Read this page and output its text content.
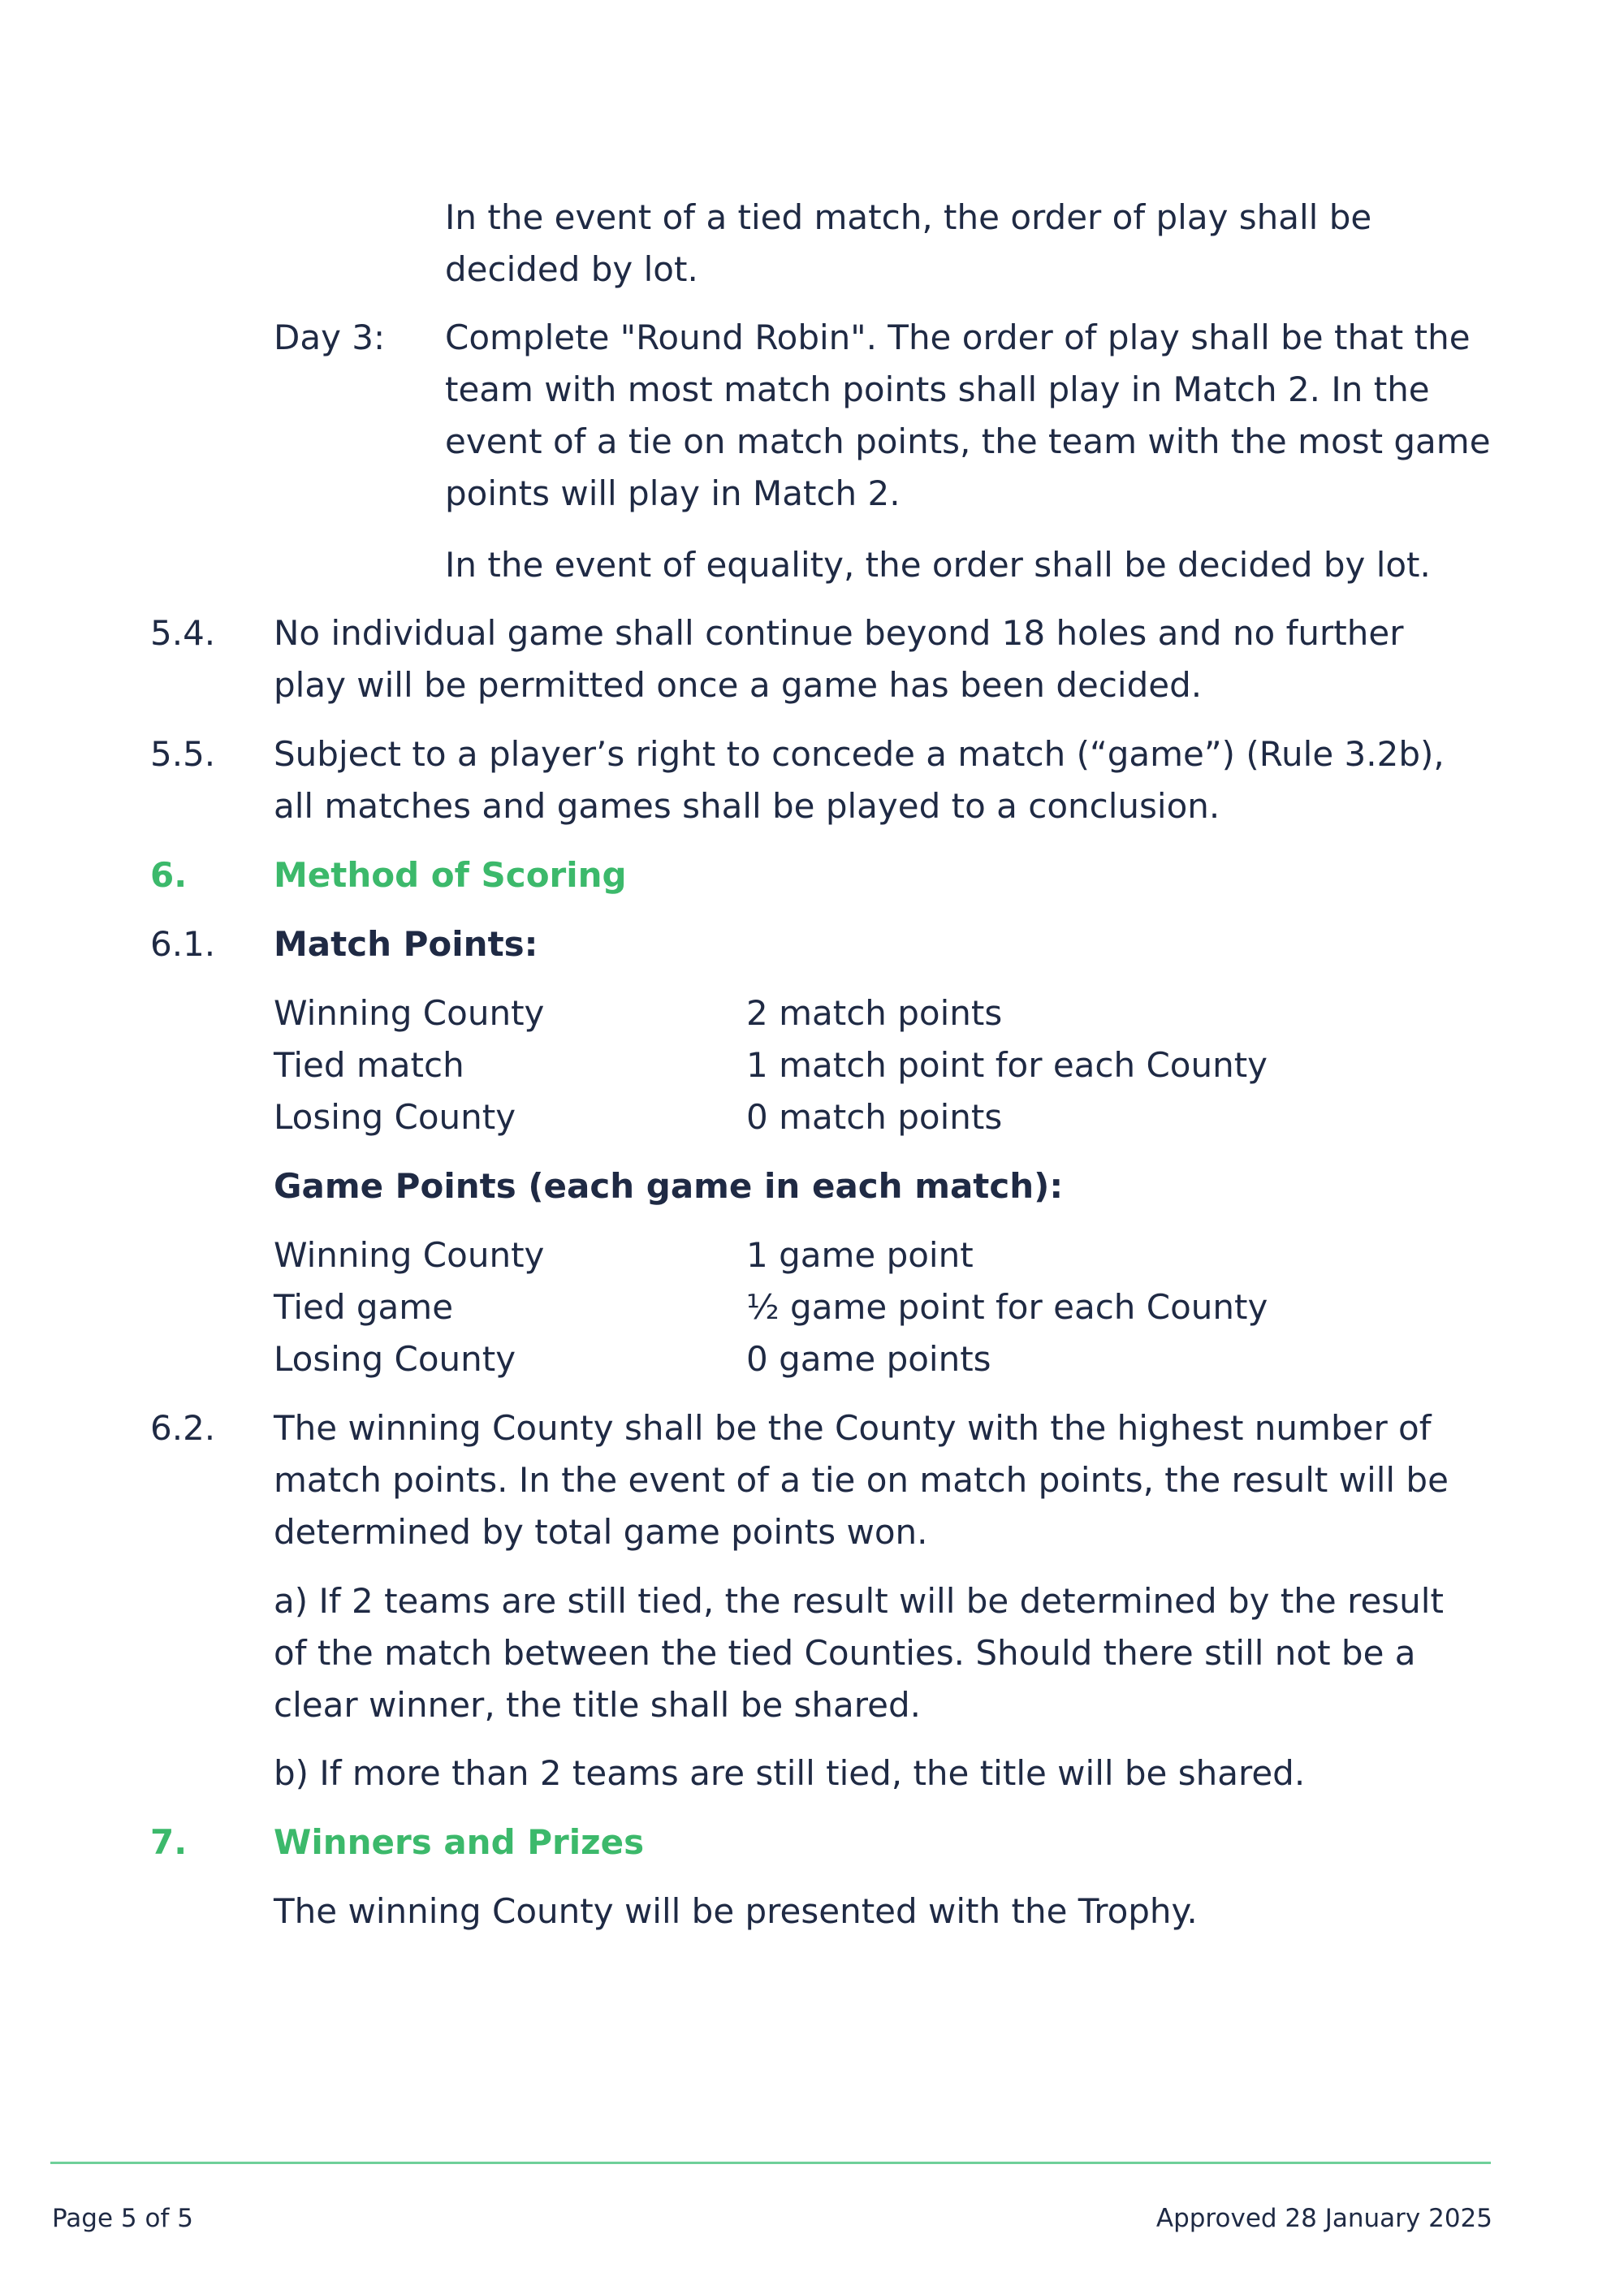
In the event of a tied match, the order of play shall be decided by lot.

Day 3: Complete "Round Robin". The order of play shall be that the team with most match points shall play in Match 2. In the event of a tie on match points, the team with the most game points will play in Match 2.

In the event of equality, the order shall be decided by lot.

5.4. No individual game shall continue beyond 18 holes and no further play will be permitted once a game has been decided.
5.5. Subject to a player’s right to concede a match (“game”) (Rule 3.2b), all matches and games shall be played to a conclusion.
6.	Method of Scoring
6.1. Match Points:
Winning County	2 match points
Tied match	1 match point for each County
Losing County	0 match points
Game Points (each game in each match):
Winning County	1 game point
Tied game	½ game point for each County
Losing County	0 game points
6.2. The winning County shall be the County with the highest number of match points. In the event of a tie on match points, the result will be determined by total game points won.
a) If 2 teams are still tied, the result will be determined by the result of the match between the tied Counties. Should there still not be a clear winner, the title shall be shared.
b) If more than 2 teams are still tied, the title will be shared.
7.	Winners and Prizes
The winning County will be presented with the Trophy.
Page 5 of 5	Approved 28 January 2025
